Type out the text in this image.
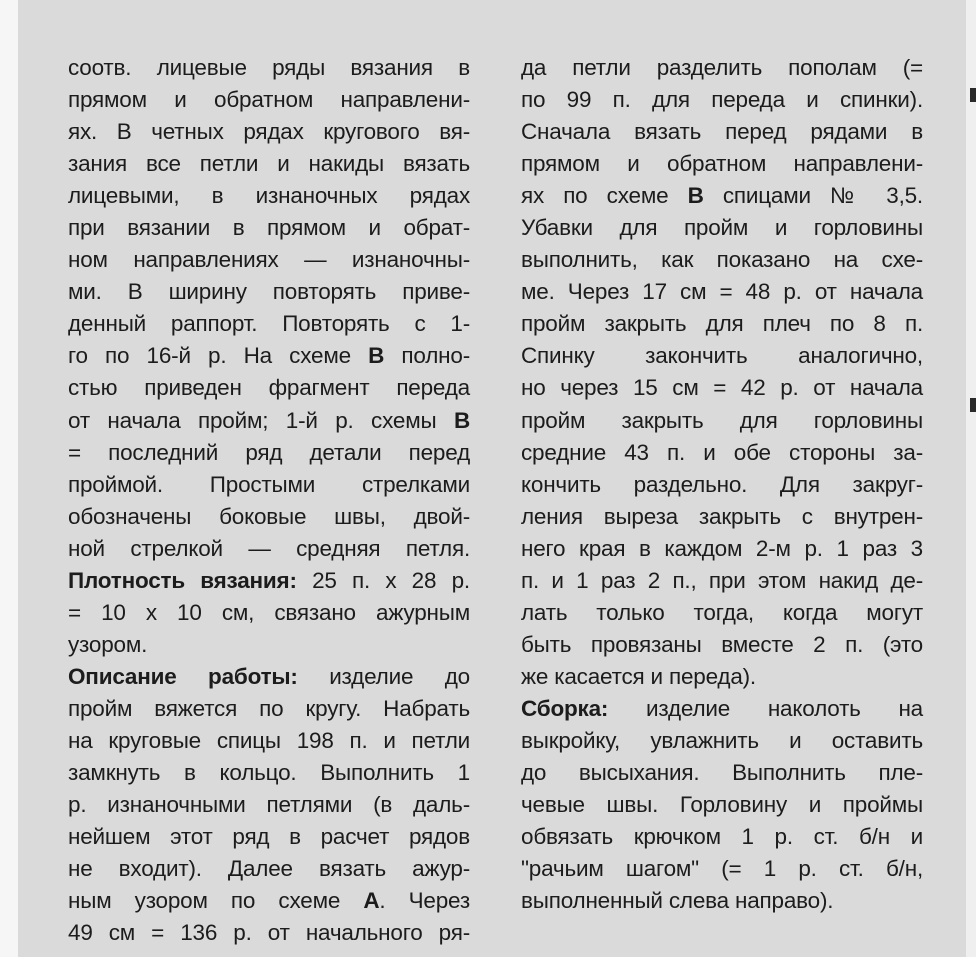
соотв. лицевые ряды вязания в
прямом и обратном направлени-
ях. В четных рядах кругового вя-
зания все петли и накиды вязать
лицевыми, в изнаночных рядах
при вязании в прямом и обрат-
ном направлениях — изнаночны-
ми. В ширину повторять приве-
денный раппорт. Повторять с 1-
го по 16-й р. На схеме В полно-
стью приведен фрагмент переда
от начала пройм; 1-й р. схемы В
= последний ряд детали перед
проймой. Простыми стрелками
обозначены боковые швы, двой-
ной стрелкой — средняя петля.
Плотность вязания: 25 п. х 28 р.
= 10 х 10 см, связано ажурным
узором.
Описание работы: изделие до
пройм вяжется по кругу. Набрать
на круговые спицы 198 п. и петли
замкнуть в кольцо. Выполнить 1
р. изнаночными петлями (в даль-
нейшем этот ряд в расчет рядов
не входит). Далее вязать ажур-
ным узором по схеме А. Через
49 см = 136 р. от начального ря-
да петли разделить пополам (=
по 99 п. для переда и спинки).
Сначала вязать перед рядами в
прямом и обратном направлени-
ях по схеме В спицами № 3,5.
Убавки для пройм и горловины
выполнить, как показано на схе-
ме. Через 17 см = 48 р. от начала
пройм закрыть для плеч по 8 п.
Спинку закончить аналогично,
но через 15 см = 42 р. от начала
пройм закрыть для горловины
средние 43 п. и обе стороны за-
кончить раздельно. Для закруг-
ления выреза закрыть с внутрен-
него края в каждом 2-м р. 1 раз 3
п. и 1 раз 2 п., при этом накид де-
лать только тогда, когда могут
быть провязаны вместе 2 п. (это
же касается и переда).
Сборка: изделие наколоть на
выкройку, увлажнить и оставить
до высыхания. Выполнить пле-
чевые швы. Горловину и проймы
обвязать крючком 1 р. ст. б/н и
"рачьим шагом" (= 1 р. ст. б/н,
выполненный слева направо).
